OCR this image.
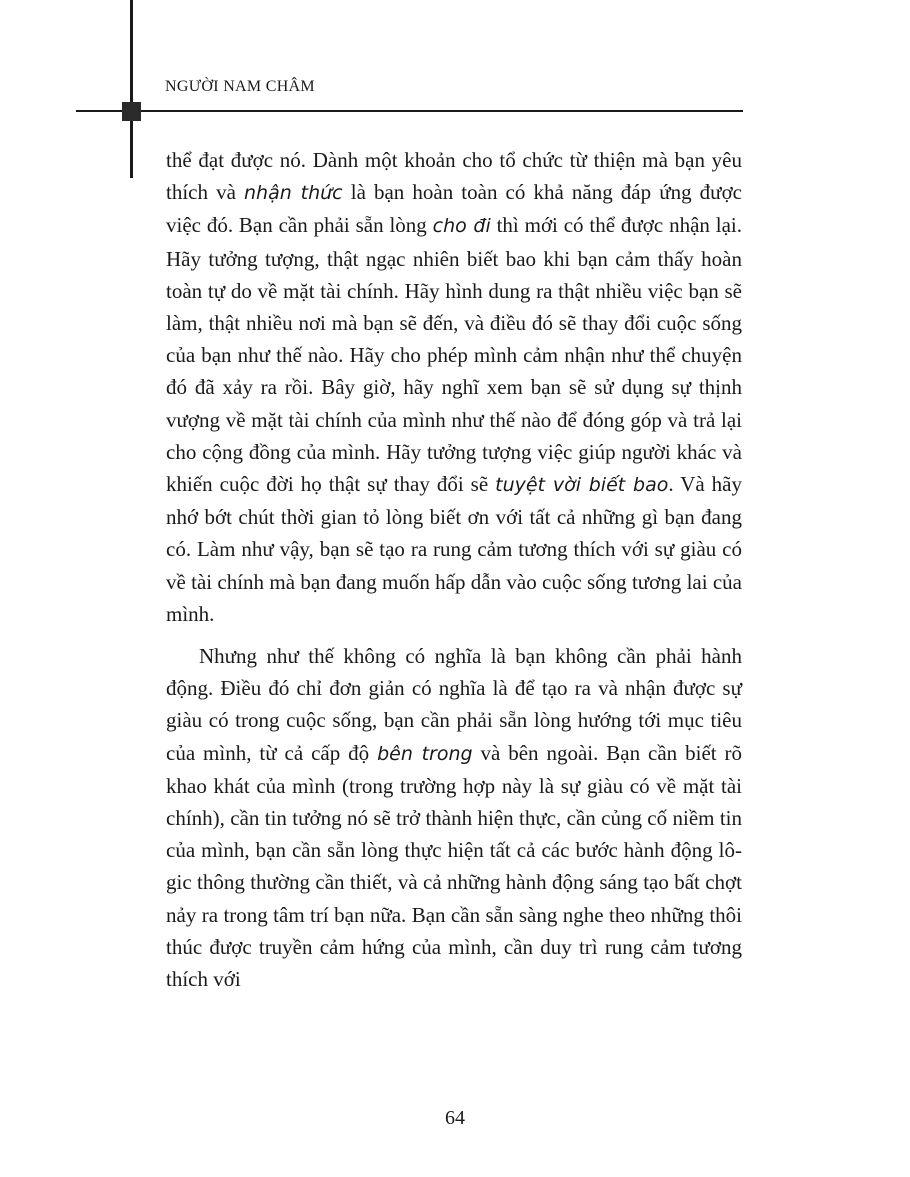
NGƯỜI NAM CHÂM

thể đạt được nó. Dành một khoản cho tổ chức từ thiện mà bạn yêu thích và nhận thức là bạn hoàn toàn có khả năng đáp ứng được việc đó. Bạn cần phải sẵn lòng cho đi thì mới có thể được nhận lại. Hãy tưởng tượng, thật ngạc nhiên biết bao khi bạn cảm thấy hoàn toàn tự do về mặt tài chính. Hãy hình dung ra thật nhiều việc bạn sẽ làm, thật nhiều nơi mà bạn sẽ đến, và điều đó sẽ thay đổi cuộc sống của bạn như thế nào. Hãy cho phép mình cảm nhận như thể chuyện đó đã xảy ra rồi. Bây giờ, hãy nghĩ xem bạn sẽ sử dụng sự thịnh vượng về mặt tài chính của mình như thế nào để đóng góp và trả lại cho cộng đồng của mình. Hãy tưởng tượng việc giúp người khác và khiến cuộc đời họ thật sự thay đổi sẽ tuyệt vời biết bao. Và hãy nhớ bớt chút thời gian tỏ lòng biết ơn với tất cả những gì bạn đang có. Làm như vậy, bạn sẽ tạo ra rung cảm tương thích với sự giàu có về tài chính mà bạn đang muốn hấp dẫn vào cuộc sống tương lai của mình.

Nhưng như thế không có nghĩa là bạn không cần phải hành động. Điều đó chỉ đơn giản có nghĩa là để tạo ra và nhận được sự giàu có trong cuộc sống, bạn cần phải sẵn lòng hướng tới mục tiêu của mình, từ cả cấp độ bên trong và bên ngoài. Bạn cần biết rõ khao khát của mình (trong trường hợp này là sự giàu có về mặt tài chính), cần tin tưởng nó sẽ trở thành hiện thực, cần củng cố niềm tin của mình, bạn cần sẵn lòng thực hiện tất cả các bước hành động lô-gic thông thường cần thiết, và cả những hành động sáng tạo bất chợt nảy ra trong tâm trí bạn nữa. Bạn cần sẵn sàng nghe theo những thôi thúc được truyền cảm hứng của mình, cần duy trì rung cảm tương thích với

64
